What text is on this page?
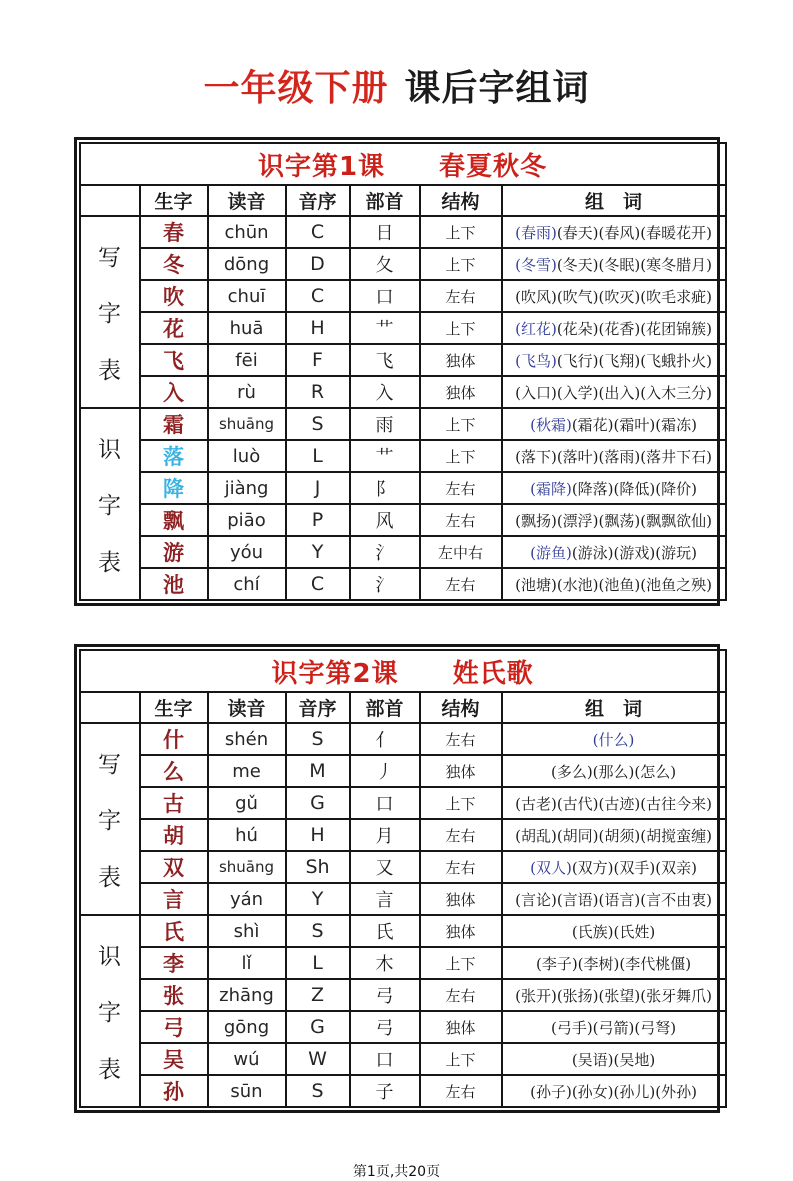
一年级下册 课后字组词
识字第1课　　春夏秋冬						
	生字	读音	音序	部首	结构	组　词

写
字
表	春	chūn	C	日	上下	(春雨)(春天)(春风)(春暖花开)
	冬	dōng	D	夂	上下	(冬雪)(冬天)(冬眠)(寒冬腊月)
	吹	chuī	C	口	左右	(吹风)(吹气)(吹灭)(吹毛求疵)
	花	huā	H	艹	上下	(红花)(花朵)(花香)(花团锦簇)
	飞	fēi	F	飞	独体	(飞鸟)(飞行)(飞翔)(飞蛾扑火)
	入	rù	R	入	独体	(入口)(入学)(出入)(入木三分)

识
字
表	霜	shuāng	S	雨	上下	(秋霜)(霜花)(霜叶)(霜冻)
	落	luò	L	艹	上下	(落下)(落叶)(落雨)(落井下石)
	降	jiàng	J	阝	左右	(霜降)(降落)(降低)(降价)
	飘	piāo	P	风	左右	(飘扬)(漂浮)(飘荡)(飘飘欲仙)
	游	yóu	Y	氵	左中右	(游鱼)(游泳)(游戏)(游玩)
	池	chí	C	氵	左右	(池塘)(水池)(池鱼)(池鱼之殃)
识字第2课　　姓氏歌						
	生字	读音	音序	部首	结构	组　词

写
字
表	什	shén	S	亻	左右	(什么)
	么	me	M	丿	独体	(多么)(那么)(怎么)
	古	gǔ	G	口	上下	(古老)(古代)(古迹)(古往今来)
	胡	hú	H	月	左右	(胡乱)(胡同)(胡须)(胡搅蛮缠)
	双	shuāng	Sh	又	左右	(双人)(双方)(双手)(双亲)
	言	yán	Y	言	独体	(言论)(言语)(语言)(言不由衷)

识
字
表	氏	shì	S	氏	独体	(氏族)(氏姓)
	李	lǐ	L	木	上下	(李子)(李树)(李代桃僵)
	张	zhāng	Z	弓	左右	(张开)(张扬)(张望)(张牙舞爪)
	弓	gōng	G	弓	独体	(弓手)(弓箭)(弓弩)
	吴	wú	W	口	上下	(吴语)(吴地)
	孙	sūn	S	子	左右	(孙子)(孙女)(孙儿)(外孙)
第1页,共20页
